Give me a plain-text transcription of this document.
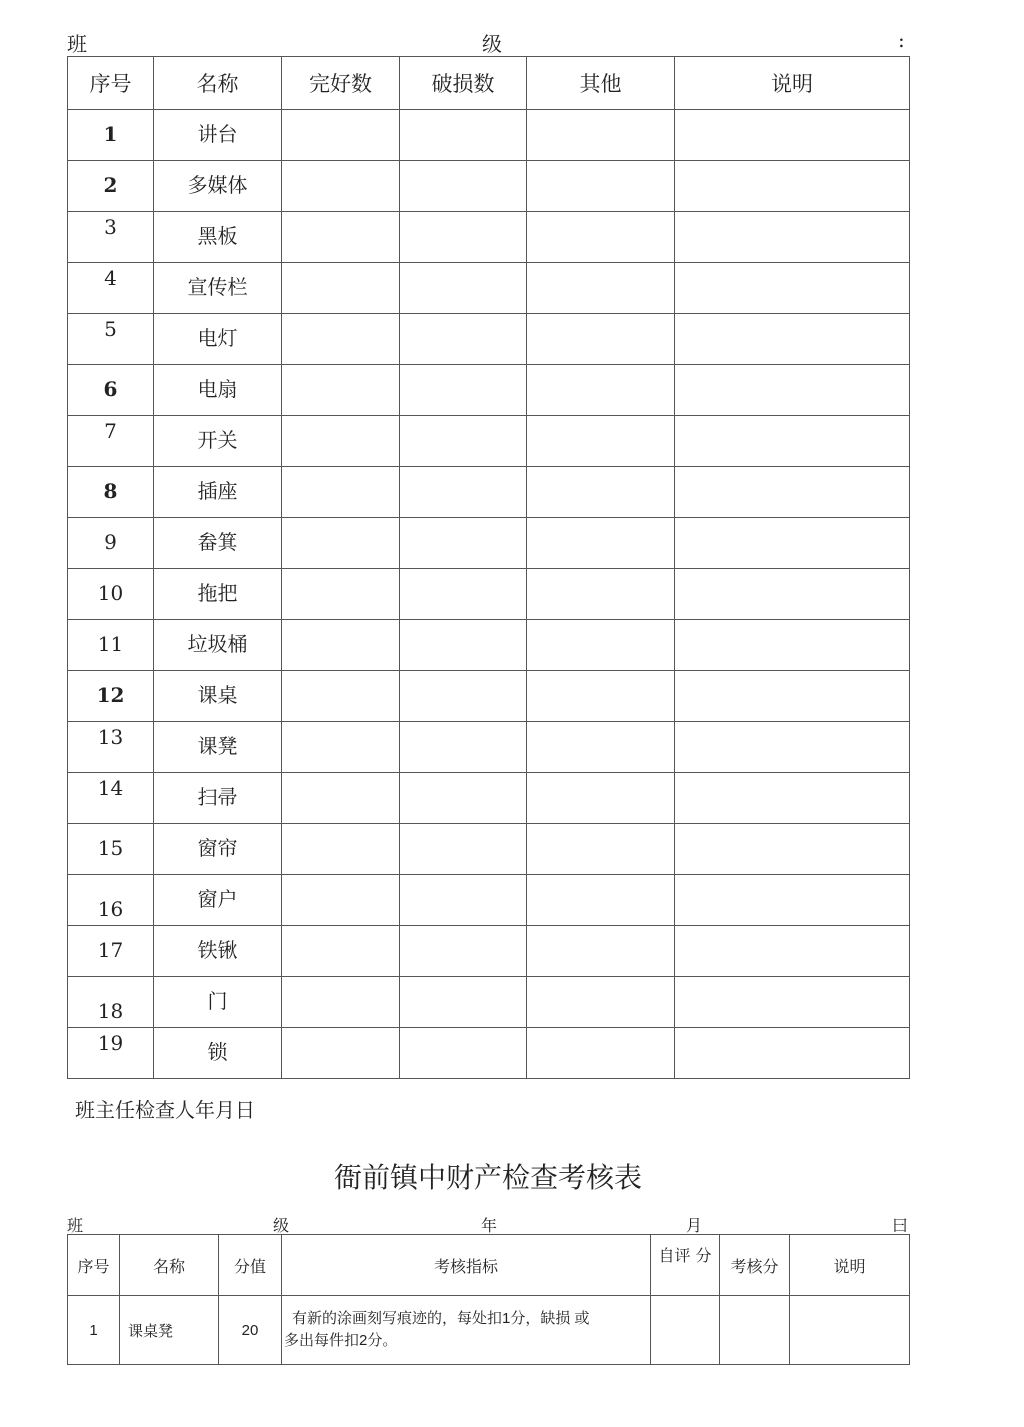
班	级	:
序号	名称	完好数	破损数	其他	说明

1	讲台				

2	多媒体				

3	黑板				

4	宣传栏				

5	电灯				

6	电扇				

7	开关				

8	插座				

9	畚箕				

10	拖把				

11	垃圾桶				

12	课桌				

13	课凳				

14	扫帚				

15	窗帘				

16	窗户				

17	铁锹				

18	门				

19	锁				

班主任检查人年月日
衙前镇中财产检查考核表
班	级	年	月	曰
序号	名称	分值	考核指标	自评 分	考核分	说明
1	课桌凳	20	有新的涂画刻写痕迹的，每处扣1分，缺损 或
多出每件扣2分。			
